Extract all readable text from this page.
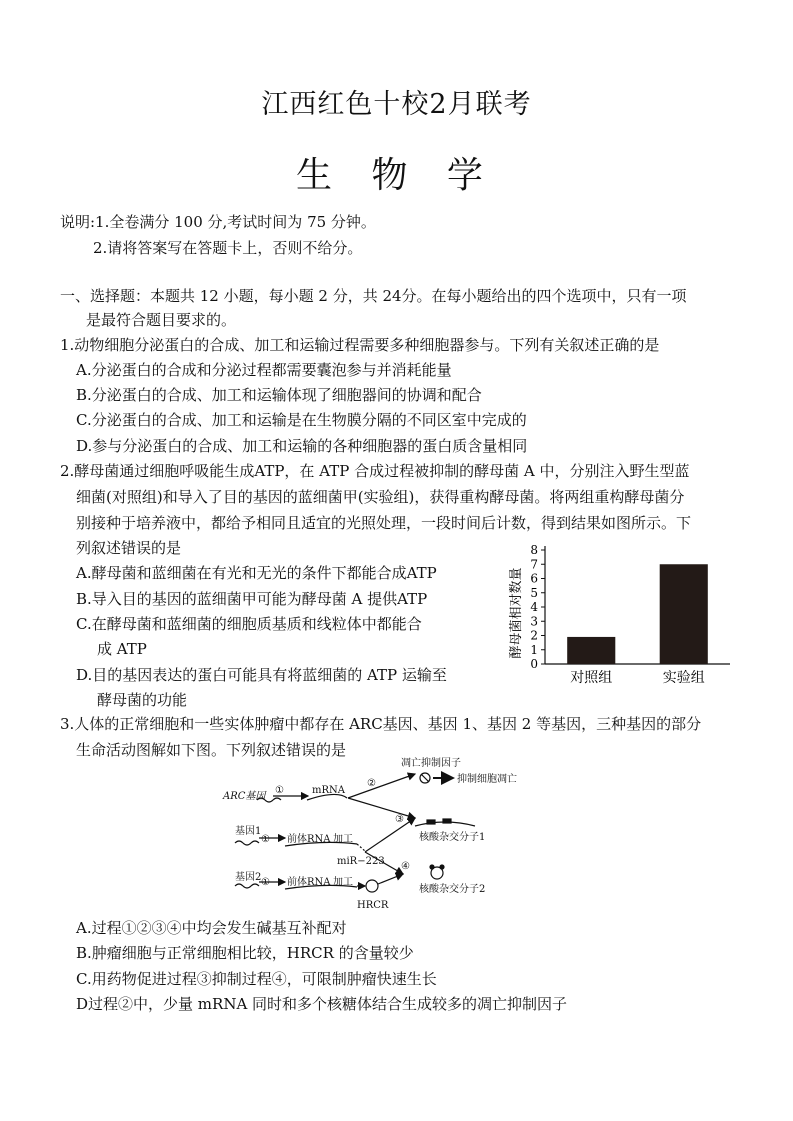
江西红色十校2月联考
生 物 学
说明:1.全卷满分 100 分,考试时间为 75 分钟。
2.请将答案写在答题卡上，否则不给分。
一、选择题：本题共 12 小题，每小题 2 分，共 24分。在每小题给出的四个选项中，只有一项
是最符合题目要求的。
1.动物细胞分泌蛋白的合成、加工和运输过程需要多种细胞器参与。下列有关叙述正确的是
A.分泌蛋白的合成和分泌过程都需要囊泡参与并消耗能量
B.分泌蛋白的合成、加工和运输体现了细胞器间的协调和配合
C.分泌蛋白的合成、加工和运输是在生物膜分隔的不同区室中完成的
D.参与分泌蛋白的合成、加工和运输的各种细胞器的蛋白质含量相同
2.酵母菌通过细胞呼吸能生成ATP，在 ATP 合成过程被抑制的酵母菌 A 中，分别注入野生型蓝
细菌(对照组)和导入了目的基因的蓝细菌甲(实验组)，获得重构酵母菌。将两组重构酵母菌分
别接种于培养液中，都给予相同且适宜的光照处理，一段时间后计数，得到结果如图所示。下
列叙述错误的是
A.酵母菌和蓝细菌在有光和无光的条件下都能合成ATP
B.导入目的基因的蓝细菌甲可能为酵母菌 A 提供ATP
C.在酵母菌和蓝细菌的细胞质基质和线粒体中都能合
成 ATP
D.目的基因表达的蛋白可能具有将蓝细菌的 ATP 运输至
酵母菌的功能
酵母菌相对数量
0
1
2
3
4
5
6
7
8
对照组	实验组
3.人体的正常细胞和一些实体肿瘤中都存在 ARC基因、基因 1、基因 2 等基因，三种基因的部分
生命活动图解如下图。下列叙述错误的是
ARC基因
①	mRNA
②
凋亡抑制因子
抑制细胞凋亡
③
核酸杂交分子1
基因1
① 前体RNA 加工
miR−223 ④
核酸杂交分子2
基因2 ① 前体RNA 加工
HRCR
A.过程①②③④中均会发生碱基互补配对
B.肿瘤细胞与正常细胞相比较，HRCR 的含量较少
C.用药物促进过程③抑制过程④，可限制肿瘤快速生长
D过程②中，少量 mRNA 同时和多个核糖体结合生成较多的凋亡抑制因子
